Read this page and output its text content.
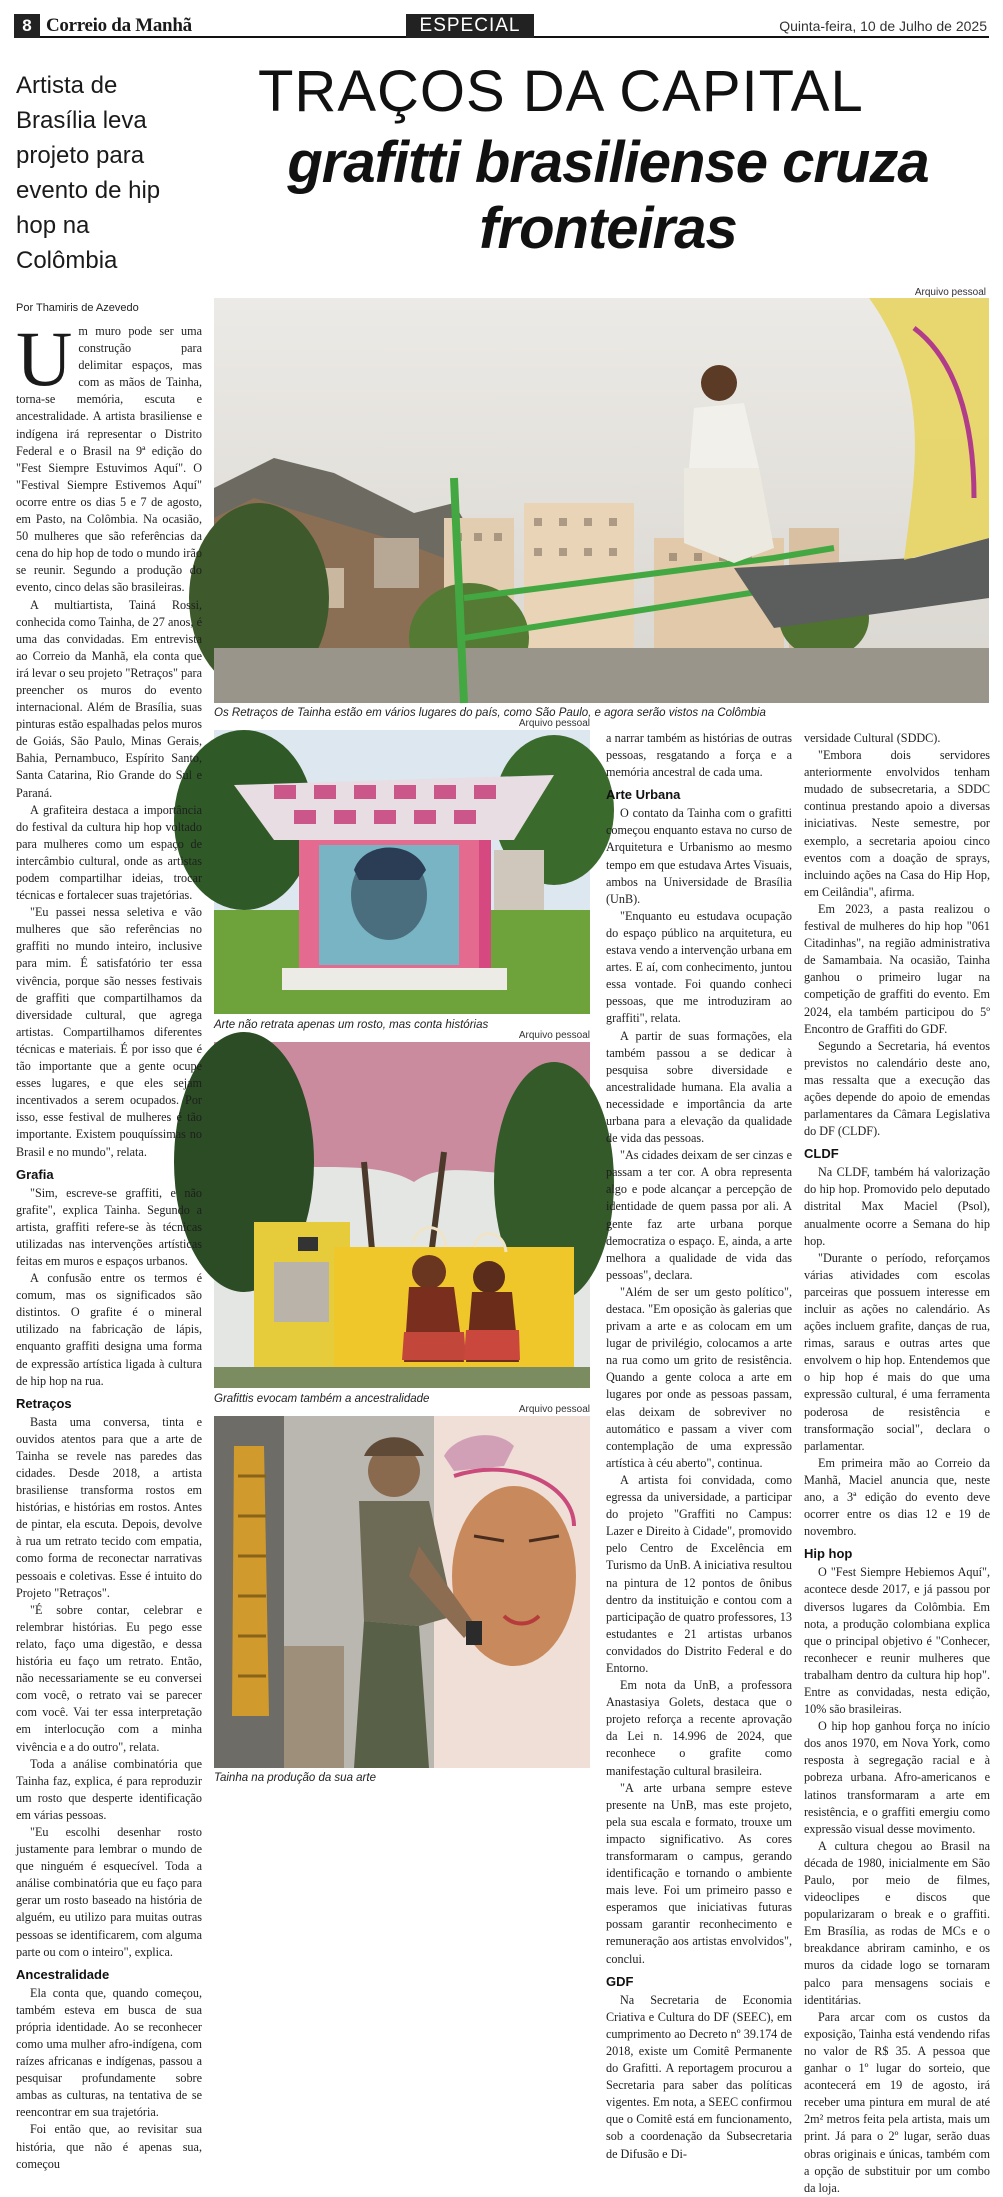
8 Correio da Manhã	ESPECIAL	Quinta-feira, 10 de Julho de 2025
Artista de Brasília leva projeto para evento de hip hop na Colômbia
TRAÇOS DA CAPITAL
grafitti brasiliense cruza fronteiras
Por Thamiris de Azevedo
Arquivo pessoal
Os Retraços de Tainha estão em vários lugares do país, como São Paulo, e agora serão vistos na Colômbia
Arquivo pessoal
Arte não retrata apenas um rosto, mas conta histórias
Arquivo pessoal
Grafittis evocam também a ancestralidade
Arquivo pessoal
Tainha na produção da sua arte

Um muro pode ser uma construção para delimitar espaços, mas com as mãos de Tainha, torna-se memória, escuta e ancestralidade. A artista brasiliense e indígena irá representar o Distrito Federal e o Brasil na 9ª edição do "Fest Siempre Estuvimos Aquí". O "Festival Siempre Estivemos Aquí" ocorre entre os dias 5 e 7 de agosto, em Pasto, na Colômbia. Na ocasião, 50 mulheres que são referências da cena do hip hop de todo o mundo irão se reunir. Segundo a produção do evento, cinco delas são brasileiras.

A multiartista, Tainá Rossi, conhecida como Tainha, de 27 anos, é uma das convidadas. Em entrevista ao Correio da Manhã, ela conta que irá levar o seu projeto "Retraços" para preencher os muros do evento internacional. Além de Brasília, suas pinturas estão espalhadas pelos muros de Goiás, São Paulo, Minas Gerais, Bahia, Pernambuco, Espírito Santo, Santa Catarina, Rio Grande do Sul e Paraná.

A grafiteira destaca a importância do festival da cultura hip hop voltado para mulheres como um espaço de intercâmbio cultural, onde as artistas podem compartilhar ideias, trocar técnicas e fortalecer suas trajetórias.

"Eu passei nessa seletiva e vão mulheres que são referências no graffiti no mundo inteiro, inclusive para mim. É satisfatório ter essa vivência, porque são nesses festivais de graffiti que compartilhamos da diversidade cultural, que agrega artistas. Compartilhamos diferentes técnicas e materiais. É por isso que é tão importante que a gente ocupe esses lugares, e que eles sejam incentivados a serem ocupados. Por isso, esse festival de mulheres é tão importante. Existem pouquíssimas no Brasil e no mundo", relata.

Grafia

"Sim, escreve-se graffiti, e não grafite", explica Tainha. Segundo a artista, graffiti refere-se às técnicas utilizadas nas intervenções artísticas feitas em muros e espaços urbanos.

A confusão entre os termos é comum, mas os significados são distintos. O grafite é o mineral utilizado na fabricação de lápis, enquanto graffiti designa uma forma de expressão artística ligada à cultura de hip hop na rua.

Retraços

Basta uma conversa, tinta e ouvidos atentos para que a arte de Tainha se revele nas paredes das cidades. Desde 2018, a artista brasiliense transforma rostos em histórias, e histórias em rostos. Antes de pintar, ela escuta. Depois, devolve à rua um retrato tecido com empatia, como forma de reconectar narrativas pessoais e coletivas. Esse é intuito do Projeto "Retraços".

"É sobre contar, celebrar e relembrar histórias. Eu pego esse relato, faço uma digestão, e dessa história eu faço um retrato. Então, não necessariamente se eu conversei com você, o retrato vai se parecer com você. Vai ter essa interpretação em interlocução com a minha vivência e a do outro", relata.

Toda a análise combinatória que Tainha faz, explica, é para reproduzir um rosto que desperte identificação em várias pessoas.

"Eu escolhi desenhar rosto justamente para lembrar o mundo de que ninguém é esquecível. Toda a análise combinatória que eu faço para gerar um rosto baseado na história de alguém, eu utilizo para muitas outras pessoas se identificarem, com alguma parte ou com o inteiro", explica.

Ancestralidade

Ela conta que, quando começou, também esteva em busca de sua própria identidade. Ao se reconhecer como uma mulher afro-indígena, com raízes africanas e indígenas, passou a pesquisar profundamente sobre ambas as culturas, na tentativa de se reencontrar em sua trajetória.

Foi então que, ao revisitar sua história, que não é apenas sua, começou

a narrar também as histórias de outras pessoas, resgatando a força e a memória ancestral de cada uma.

Arte Urbana

O contato da Tainha com o grafitti começou enquanto estava no curso de Arquitetura e Urbanismo ao mesmo tempo em que estudava Artes Visuais, ambos na Universidade de Brasília (UnB).

"Enquanto eu estudava ocupação do espaço público na arquitetura, eu estava vendo a intervenção urbana em artes. E aí, com conhecimento, juntou essa vontade. Foi quando conheci pessoas, que me introduziram ao graffiti", relata.

A partir de suas formações, ela também passou a se dedicar à pesquisa sobre diversidade e ancestralidade humana. Ela avalia a necessidade e importância da arte urbana para a elevação da qualidade de vida das pessoas.

"As cidades deixam de ser cinzas e passam a ter cor. A obra representa algo e pode alcançar a percepção de identidade de quem passa por ali. A gente faz arte urbana porque democratiza o espaço. E, ainda, a arte melhora a qualidade de vida das pessoas", declara.

"Além de ser um gesto político", destaca. "Em oposição às galerias que privam a arte e as colocam em um lugar de privilégio, colocamos a arte na rua como um grito de resistência. Quando a gente coloca a arte em lugares por onde as pessoas passam, elas deixam de sobreviver no automático e passam a viver com contemplação de uma expressão artística à céu aberto", continua.

A artista foi convidada, como egressa da universidade, a participar do projeto "Graffiti no Campus: Lazer e Direito à Cidade", promovido pelo Centro de Excelência em Turismo da UnB. A iniciativa resultou na pintura de 12 pontos de ônibus dentro da instituição e contou com a participação de quatro professores, 13 estudantes e 21 artistas urbanos convidados do Distrito Federal e do Entorno.

Em nota da UnB, a professora Anastasiya Golets, destaca que o projeto reforça a recente aprovação da Lei n. 14.996 de 2024, que reconhece o grafite como manifestação cultural brasileira.

"A arte urbana sempre esteve presente na UnB, mas este projeto, pela sua escala e formato, trouxe um impacto significativo. As cores transformaram o campus, gerando identificação e tornando o ambiente mais leve. Foi um primeiro passo e esperamos que iniciativas futuras possam garantir reconhecimento e remuneração aos artistas envolvidos", conclui.

GDF

Na Secretaria de Economia Criativa e Cultura do DF (SEEC), em cumprimento ao Decreto nº 39.174 de 2018, existe um Comitê Permanente do Grafitti. A reportagem procurou a Secretaria para saber das políticas vigentes. Em nota, a SEEC confirmou que o Comitê está em funcionamento, sob a coordenação da Subsecretaria de Difusão e Di-

versidade Cultural (SDDC).

"Embora dois servidores anteriormente envolvidos tenham mudado de subsecretaria, a SDDC continua prestando apoio a diversas iniciativas. Neste semestre, por exemplo, a secretaria apoiou cinco eventos com a doação de sprays, incluindo ações na Casa do Hip Hop, em Ceilândia", afirma.

Em 2023, a pasta realizou o festival de mulheres do hip hop "061 Citadinhas", na região administrativa de Samambaia. Na ocasião, Tainha ganhou o primeiro lugar na competição de graffiti do evento. Em 2024, ela também participou do 5º Encontro de Graffiti do GDF.

Segundo a Secretaria, há eventos previstos no calendário deste ano, mas ressalta que a execução das ações depende do apoio de emendas parlamentares da Câmara Legislativa do DF (CLDF).

CLDF

Na CLDF, também há valorização do hip hop. Promovido pelo deputado distrital Max Maciel (Psol), anualmente ocorre a Semana do hip hop.

"Durante o período, reforçamos várias atividades com escolas parceiras que possuem interesse em incluir as ações no calendário. As ações incluem grafite, danças de rua, rimas, saraus e outras artes que envolvem o hip hop. Entendemos que o hip hop é mais do que uma expressão cultural, é uma ferramenta poderosa de resistência e transformação social", declara o parlamentar.

Em primeira mão ao Correio da Manhã, Maciel anuncia que, neste ano, a 3ª edição do evento deve ocorrer entre os dias 12 e 19 de novembro.

Hip hop

O "Fest Siempre Hebiemos Aquí", acontece desde 2017, e já passou por diversos lugares da Colômbia. Em nota, a produção colombiana explica que o principal objetivo é "Conhecer, reconhecer e reunir mulheres que trabalham dentro da cultura hip hop". Entre as convidadas, nesta edição, 10% são brasileiras.

O hip hop ganhou força no início dos anos 1970, em Nova York, como resposta à segregação racial e à pobreza urbana. Afro-americanos e latinos transformaram a arte em resistência, e o graffiti emergiu como expressão visual desse movimento.

A cultura chegou ao Brasil na década de 1980, inicialmente em São Paulo, por meio de filmes, videoclipes e discos que popularizaram o break e o graffiti. Em Brasília, as rodas de MCs e o breakdance abriram caminho, e os muros da cidade logo se tornaram palco para mensagens sociais e identitárias.

Para arcar com os custos da exposição, Tainha está vendendo rifas no valor de R$ 35. A pessoa que ganhar o 1º lugar do sorteio, que acontecerá em 19 de agosto, irá receber uma pintura em mural de até 2m² metros feita pela artista, mais um print. Já para o 2º lugar, serão duas obras originais e únicas, também com a opção de substituir por um combo da loja.
